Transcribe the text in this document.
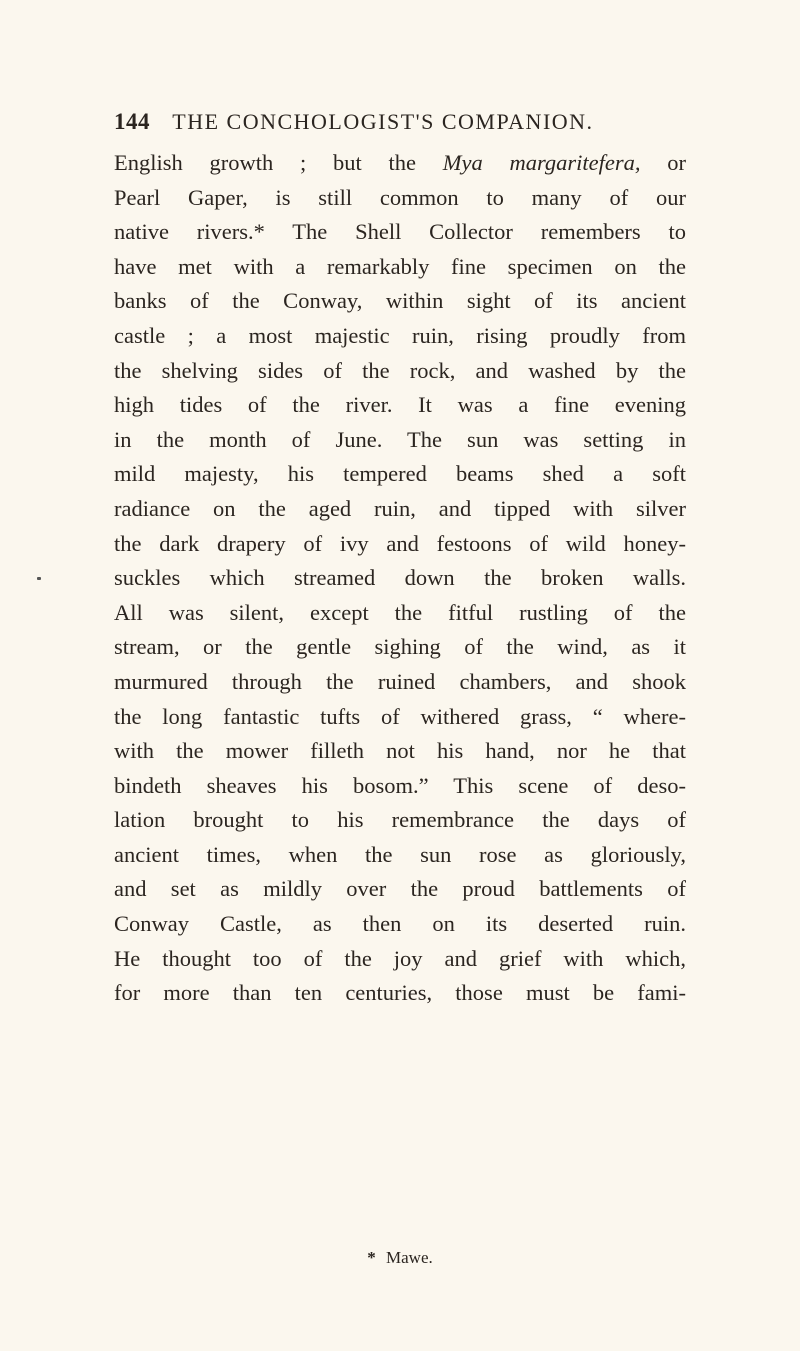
144 THE CONCHOLOGIST'S COMPANION.
English growth ; but the Mya margaritefera, or
Pearl Gaper, is still common to many of our
native rivers.* The Shell Collector remembers to
have met with a remarkably fine specimen on the
banks of the Conway, within sight of its ancient
castle ; a most majestic ruin, rising proudly from
the shelving sides of the rock, and washed by the
high tides of the river. It was a fine evening
in the month of June. The sun was setting in
mild majesty, his tempered beams shed a soft
radiance on the aged ruin, and tipped with silver
the dark drapery of ivy and festoons of wild honey-
suckles which streamed down the broken walls.
All was silent, except the fitful rustling of the
stream, or the gentle sighing of the wind, as it
murmured through the ruined chambers, and shook
the long fantastic tufts of withered grass, “ where-
with the mower filleth not his hand, nor he that
bindeth sheaves his bosom.” This scene of deso-
lation brought to his remembrance the days of
ancient times, when the sun rose as gloriously,
and set as mildly over the proud battlements of
Conway Castle, as then on its deserted ruin.
He thought too of the joy and grief with which,
for more than ten centuries, those must be fami-
* Mawe.
